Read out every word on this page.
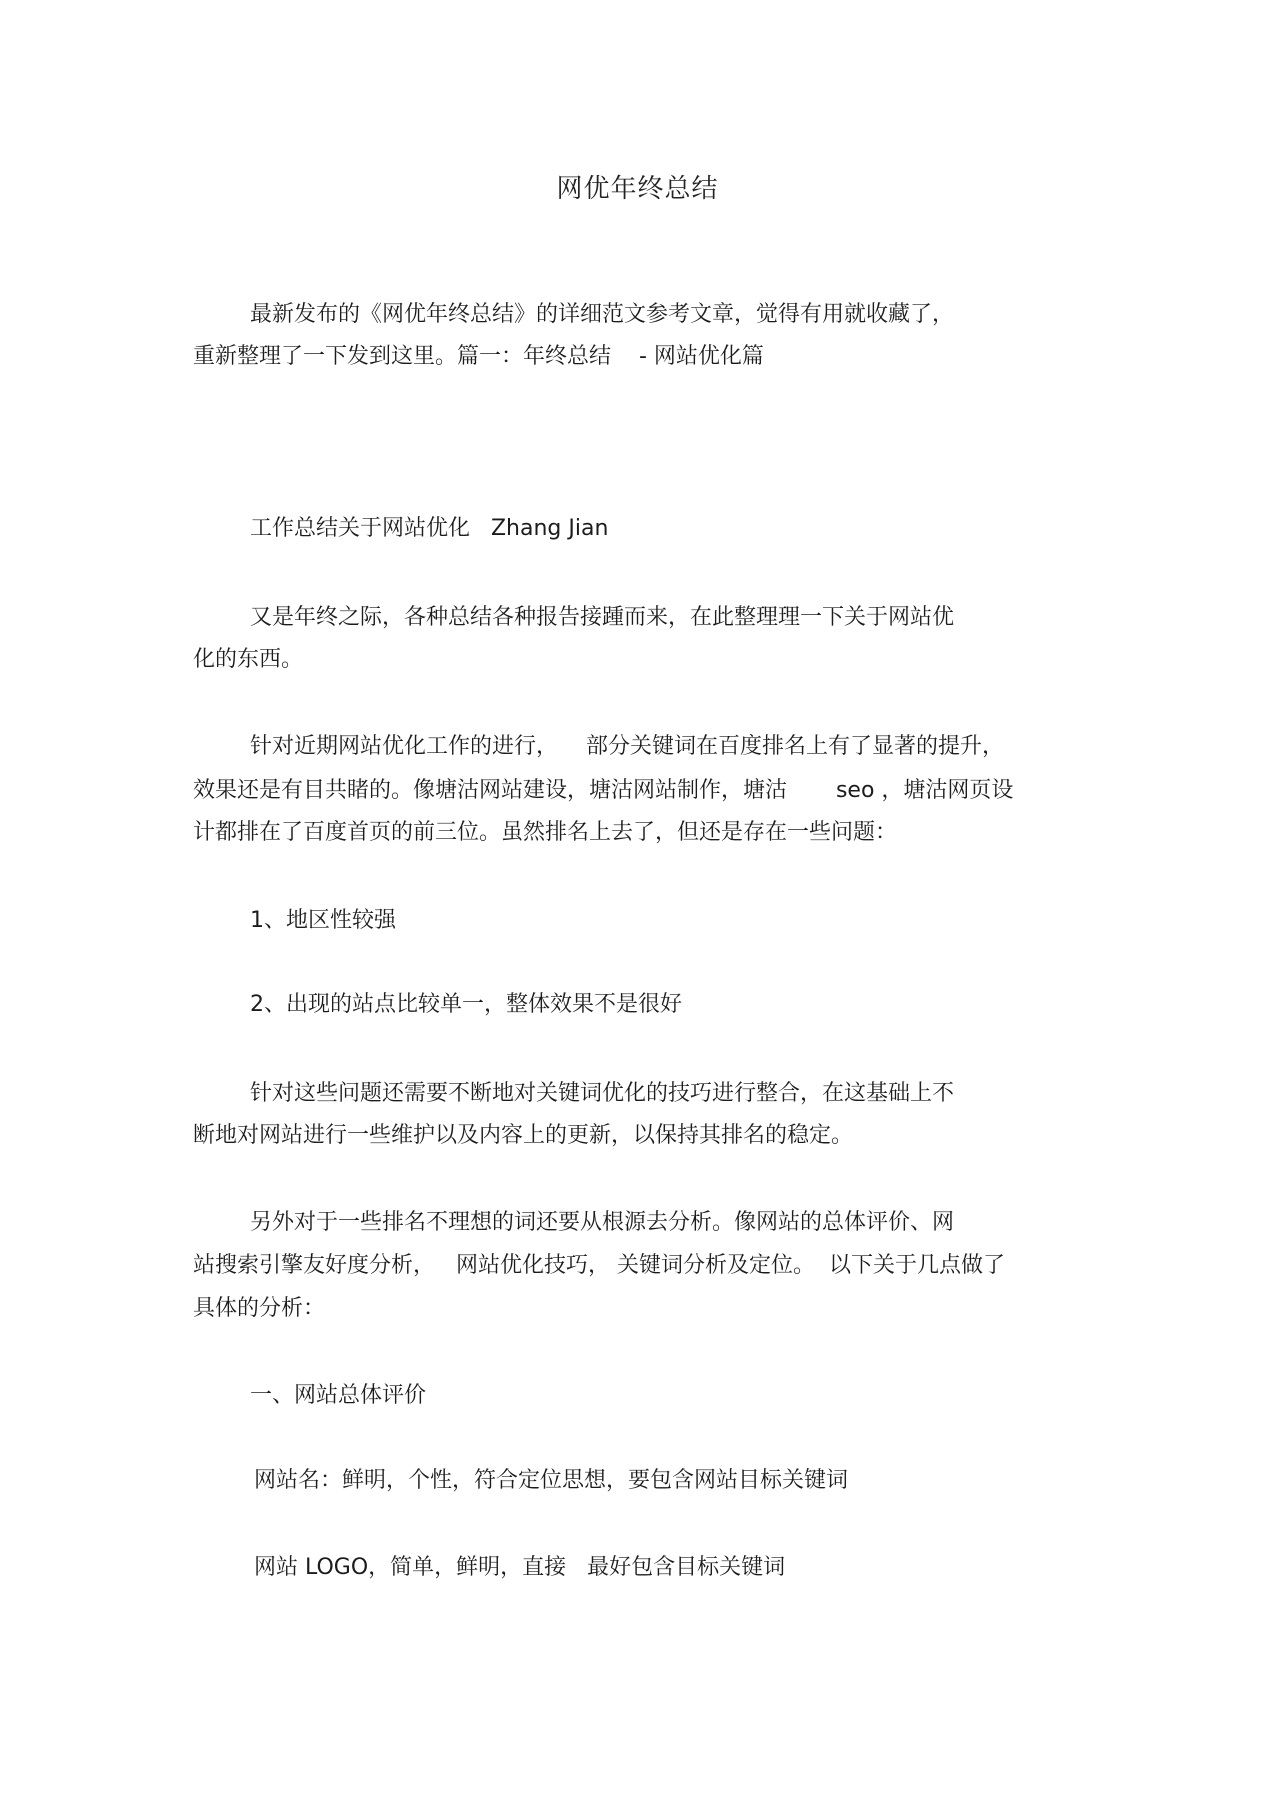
网优年终总结
最新发布的《网优年终总结》的详细范文参考文章，觉得有用就收藏了，
重新整理了一下发到这里。篇一：年终总结    - 网站优化篇
工作总结关于网站优化   Zhang Jian
又是年终之际，各种总结各种报告接踵而来，在此整理理一下关于网站优
化的东西。
针对近期网站优化工作的进行，    部分关键词在百度排名上有了显著的提升，
效果还是有目共睹的。像塘沽网站建设，塘沽网站制作，塘沽       seo ，塘沽网页设
计都排在了百度首页的前三位。虽然排名上去了，但还是存在一些问题：
1、地区性较强
2、出现的站点比较单一，整体效果不是很好
针对这些问题还需要不断地对关键词优化的技巧进行整合，在这基础上不
断地对网站进行一些维护以及内容上的更新，以保持其排名的稳定。
另外对于一些排名不理想的词还要从根源去分析。像网站的总体评价、网
站搜索引擎友好度分析，   网站优化技巧， 关键词分析及定位。  以下关于几点做了
具体的分析：
一、网站总体评价
网站名：鲜明，个性，符合定位思想，要包含网站目标关键词
网站 LOGO，简单，鲜明，直接   最好包含目标关键词
